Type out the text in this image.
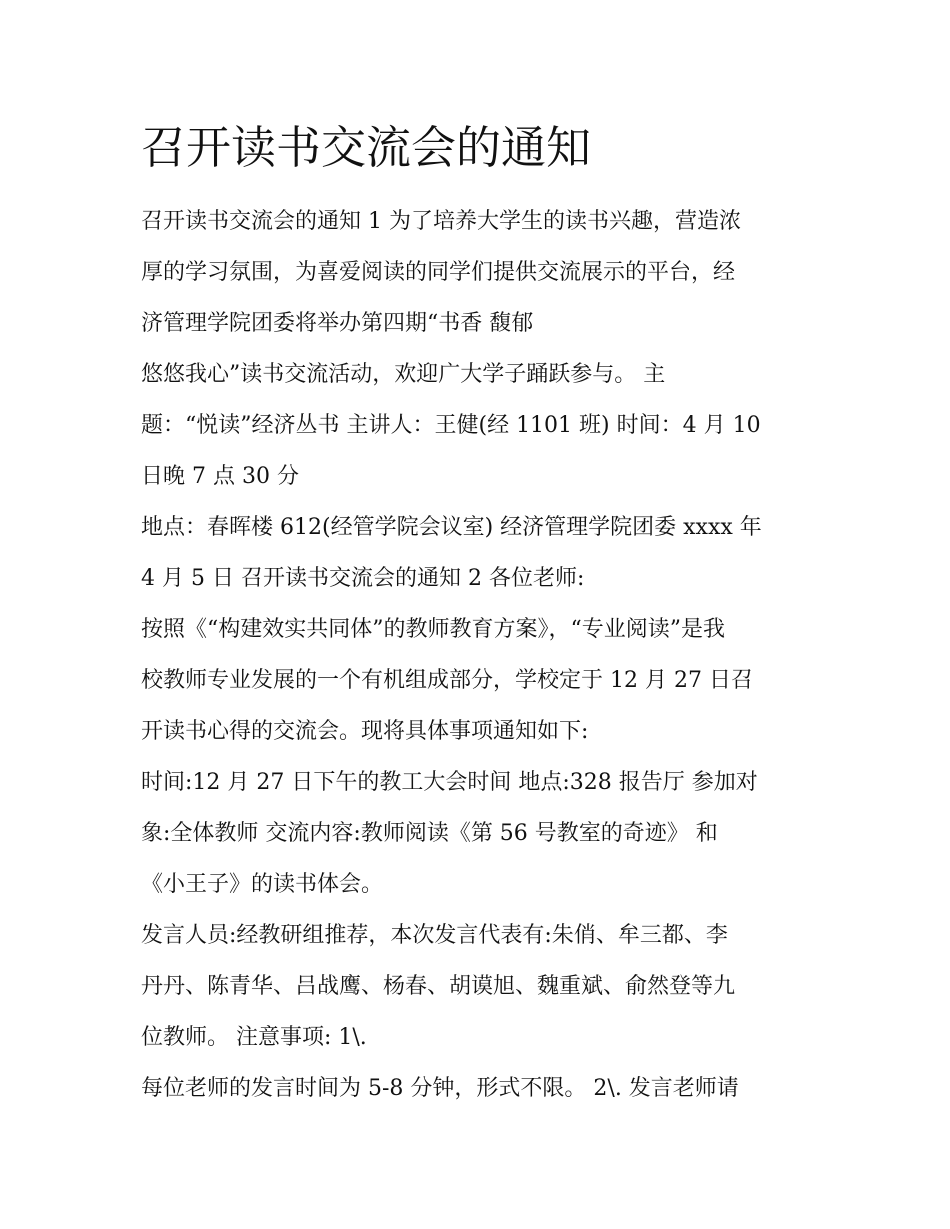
召开读书交流会的通知
召开读书交流会的通知 1 为了培养大学生的读书兴趣，营造浓
厚的学习氛围，为喜爱阅读的同学们提供交流展示的平台，经
济管理学院团委将举办第四期“书香 馥郁
悠悠我心”读书交流活动，欢迎广大学子踊跃参与。 主
题：“悦读”经济丛书 主讲人：王健(经 1101 班) 时间：4 月 10
日晚 7 点 30 分
地点：春晖楼 612(经管学院会议室) 经济管理学院团委 xxxx 年
4 月 5 日 召开读书交流会的通知 2 各位老师:
按照《“构建效实共同体”的教师教育方案》，“专业阅读”是我
校教师专业发展的一个有机组成部分，学校定于 12 月 27 日召
开读书心得的交流会。现将具体事项通知如下:
时间:12 月 27 日下午的教工大会时间 地点:328 报告厅 参加对
象:全体教师 交流内容:教师阅读《第 56 号教室的奇迹》 和
《小王子》的读书体会。
发言人员:经教研组推荐，本次发言代表有:朱俏、牟三都、李
丹丹、陈青华、吕战鹰、杨春、胡谟旭、魏重斌、俞然登等九
位教师。 注意事项: 1\.
每位老师的发言时间为 5-8 分钟，形式不限。 2\. 发言老师请
